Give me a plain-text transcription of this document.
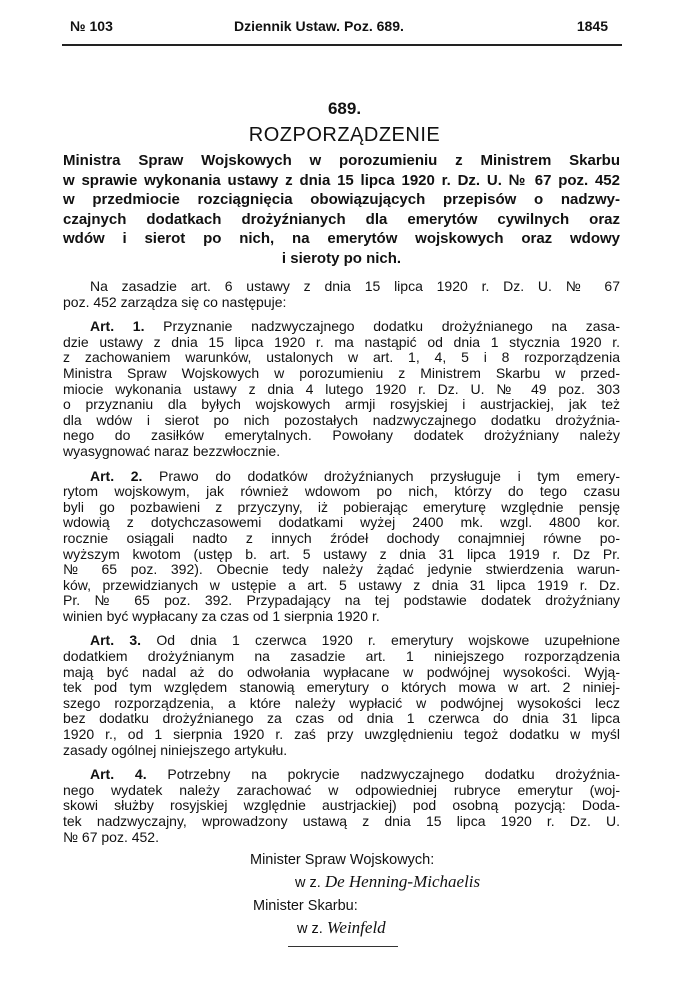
№ 103	Dziennik Ustaw. Poz. 689.	1845
689.
ROZPORZĄDZENIE
Ministra Spraw Wojskowych w porozumieniu z Ministrem Skarbu
w sprawie wykonania ustawy z dnia 15 lipca 1920 r. Dz. U. № 67 poz. 452
w przedmiocie rozciągnięcia obowiązujących przepisów o nadzwy-
czajnych dodatkach drożyźnianych dla emerytów cywilnych oraz
wdów i sierot po nich, na emerytów wojskowych oraz wdowy
i sieroty po nich.
Na zasadzie art. 6 ustawy z dnia 15 lipca 1920 r. Dz. U. № 67
poz. 452 zarządza się co następuje:
Art. 1. Przyznanie nadzwyczajnego dodatku drożyźnianego na zasa-
dzie ustawy z dnia 15 lipca 1920 r. ma nastąpić od dnia 1 stycznia 1920 r.
z zachowaniem warunków, ustalonych w art. 1, 4, 5 i 8 rozporządzenia
Ministra Spraw Wojskowych w porozumieniu z Ministrem Skarbu w przed-
miocie wykonania ustawy z dnia 4 lutego 1920 r. Dz. U. № 49 poz. 303
o przyznaniu dla byłych wojskowych armji rosyjskiej i austrjackiej, jak też
dla wdów i sierot po nich pozostałych nadzwyczajnego dodatku drożyźnia-
nego do zasiłków emerytalnych. Powołany dodatek drożyźniany należy
wyasygnować naraz bezzwłocznie.
Art. 2. Prawo do dodatków drożyźnianych przysługuje i tym emery-
rytom wojskowym, jak również wdowom po nich, którzy do tego czasu
byli go pozbawieni z przyczyny, iż pobierając emeryturę względnie pensję
wdowią z dotychczasowemi dodatkami wyżej 2400 mk. wzgl. 4800 kor.
rocznie osiągali nadto z innych źródeł dochody conajmniej równe po-
wyższym kwotom (ustęp b. art. 5 ustawy z dnia 31 lipca 1919 r. Dz Pr.
№ 65 poz. 392). Obecnie tedy należy żądać jedynie stwierdzenia warun-
ków, przewidzianych w ustępie a art. 5 ustawy z dnia 31 lipca 1919 r. Dz.
Pr. № 65 poz. 392. Przypadający na tej podstawie dodatek drożyźniany
winien być wypłacany za czas od 1 sierpnia 1920 r.
Art. 3. Od dnia 1 czerwca 1920 r. emerytury wojskowe uzupełnione
dodatkiem drożyźnianym na zasadzie art. 1 niniejszego rozporządzenia
mają być nadal aż do odwołania wypłacane w podwójnej wysokości. Wyją-
tek pod tym względem stanowią emerytury o których mowa w art. 2 niniej-
szego rozporządzenia, a które należy wypłacić w podwójnej wysokości lecz
bez dodatku drożyźnianego za czas od dnia 1 czerwca do dnia 31 lipca
1920 r., od 1 sierpnia 1920 r. zaś przy uwzględnieniu tegoż dodatku w myśl
zasady ogólnej niniejszego artykułu.
Art. 4. Potrzebny na pokrycie nadzwyczajnego dodatku drożyźnia-
nego wydatek należy zarachować w odpowiedniej rubryce emerytur (woj-
skowi służby rosyjskiej względnie austrjackiej) pod osobną pozycją: Doda-
tek nadzwyczajny, wprowadzony ustawą z dnia 15 lipca 1920 r. Dz. U.
№ 67 poz. 452.
Minister Spraw Wojskowych:
w z. De Henning-Michaelis
Minister Skarbu:
w z. Weinfeld
